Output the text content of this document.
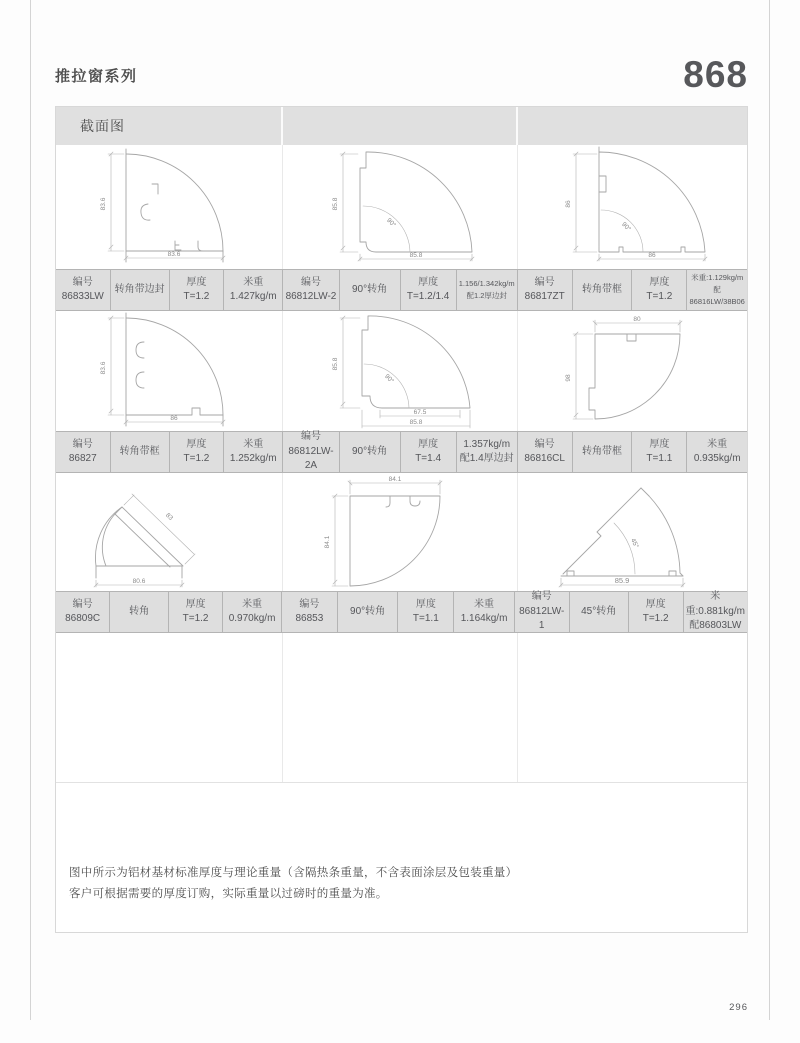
推拉窗系列	868
截面图
83.6
83.6
90°
85.8
85.8
90°
86
86
编号
86833LW
转角带边封
厚度
T=1.2
米重
1.427kg/m
编号
86812LW-2
90°转角
厚度
T=1.2/1.4
1.156/1.342kg/m
配1.2厚边封
编号
86817ZT
转角带框
厚度
T=1.2
米重:1.129kg/m
配86816LW/38B06
83.6
86
90°
85.8
67.5
85.8
80
98
编号
86827
转角带框
厚度
T=1.2
米重
1.252kg/m
编号
86812LW-2A
90°转角
厚度
T=1.4
1.357kg/m
配1.4厚边封
编号
86816CL
转角带框
厚度
T=1.1
米重
0.935kg/m
83
80.6
84.1
84.1	45°
85.9
编号
86809C
转角
厚度
T=1.2
米重
0.970kg/m
编号
86853
90°转角
厚度
T=1.1
米重
1.164kg/m
编号
86812LW-1
45°转角
厚度
T=1.2
米重:0.881kg/m
配86803LW
图中所示为铝材基材标准厚度与理论重量（含隔热条重量，不含表面涂层及包装重量）
客户可根据需要的厚度订购，实际重量以过磅时的重量为准。
296
